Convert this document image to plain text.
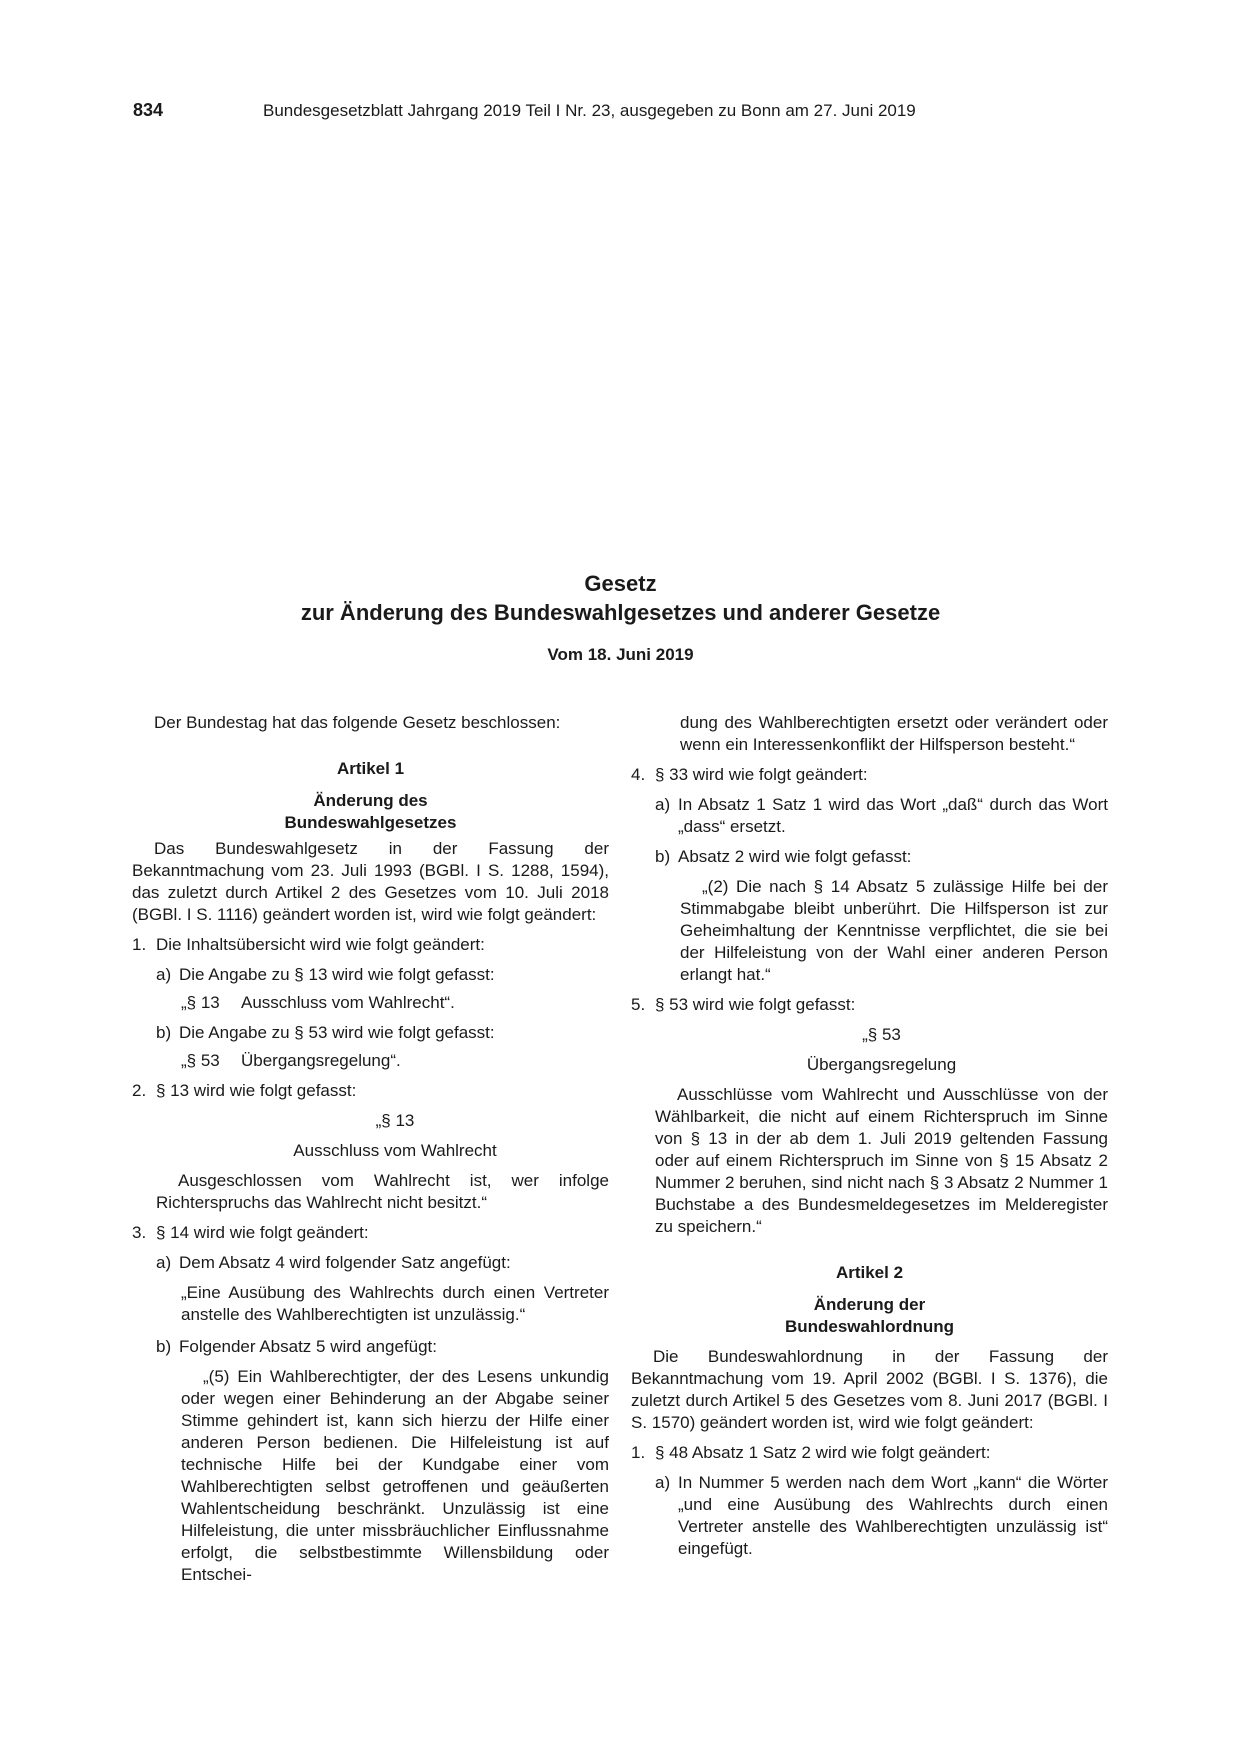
834	Bundesgesetzblatt Jahrgang 2019 Teil I Nr. 23, ausgegeben zu Bonn am 27. Juni 2019
Gesetz
zur Änderung des Bundeswahlgesetzes und anderer Gesetze
Vom 18. Juni 2019

Der Bundestag hat das folgende Gesetz beschlossen:

Artikel 1

Änderung des

Bundeswahlgesetzes

Das Bundeswahlgesetz in der Fassung der Bekanntmachung vom 23. Juli 1993 (BGBl. I S. 1288, 1594), das zuletzt durch Artikel 2 des Gesetzes vom 10. Juli 2018 (BGBl. I S. 1116) geändert worden ist, wird wie folgt geändert:

1. Die Inhaltsübersicht wird wie folgt geändert:

a) Die Angabe zu § 13 wird wie folgt gefasst:

„§ 13 Ausschluss vom Wahlrecht“.
b) Die Angabe zu § 53 wird wie folgt gefasst:

„§ 53 Übergangsregelung“.
2. § 13 wird wie folgt gefasst:

„§ 13

Ausschluss vom Wahlrecht

Ausgeschlossen vom Wahlrecht ist, wer infolge Richterspruchs das Wahlrecht nicht besitzt.“

3. § 14 wird wie folgt geändert:

a) Dem Absatz 4 wird folgender Satz angefügt:

„Eine Ausübung des Wahlrechts durch einen Vertreter anstelle des Wahlberechtigten ist unzulässig.“

b) Folgender Absatz 5 wird angefügt:

„(5) Ein Wahlberechtigter, der des Lesens unkundig oder wegen einer Behinderung an der Abgabe seiner Stimme gehindert ist, kann sich hierzu der Hilfe einer anderen Person bedienen. Die Hilfeleistung ist auf technische Hilfe bei der Kundgabe einer vom Wahlberechtigten selbst getroffenen und geäußerten Wahlentscheidung beschränkt. Unzulässig ist eine Hilfeleistung, die unter missbräuchlicher Einflussnahme erfolgt, die selbstbestimmte Willensbildung oder Entschei-

dung des Wahlberechtigten ersetzt oder verändert oder wenn ein Interessenkonflikt der Hilfsperson besteht.“

4. § 33 wird wie folgt geändert:

a) In Absatz 1 Satz 1 wird das Wort „daß“ durch das Wort „dass“ ersetzt.

b) Absatz 2 wird wie folgt gefasst:

„(2) Die nach § 14 Absatz 5 zulässige Hilfe bei der Stimmabgabe bleibt unberührt. Die Hilfsperson ist zur Geheimhaltung der Kenntnisse verpflichtet, die sie bei der Hilfeleistung von der Wahl einer anderen Person erlangt hat.“

5. § 53 wird wie folgt gefasst:

„§ 53

Übergangsregelung

Ausschlüsse vom Wahlrecht und Ausschlüsse von der Wählbarkeit, die nicht auf einem Richterspruch im Sinne von § 13 in der ab dem 1. Juli 2019 geltenden Fassung oder auf einem Richterspruch im Sinne von § 15 Absatz 2 Nummer 2 beruhen, sind nicht nach § 3 Absatz 2 Nummer 1 Buchstabe a des Bundesmeldegesetzes im Melderegister zu speichern.“

Artikel 2

Änderung der

Bundeswahlordnung

Die Bundeswahlordnung in der Fassung der Bekanntmachung vom 19. April 2002 (BGBl. I S. 1376), die zuletzt durch Artikel 5 des Gesetzes vom 8. Juni 2017 (BGBl. I S. 1570) geändert worden ist, wird wie folgt geändert:

1. § 48 Absatz 1 Satz 2 wird wie folgt geändert:

a) In Nummer 5 werden nach dem Wort „kann“ die Wörter „und eine Ausübung des Wahlrechts durch einen Vertreter anstelle des Wahlberechtigten unzulässig ist“ eingefügt.
